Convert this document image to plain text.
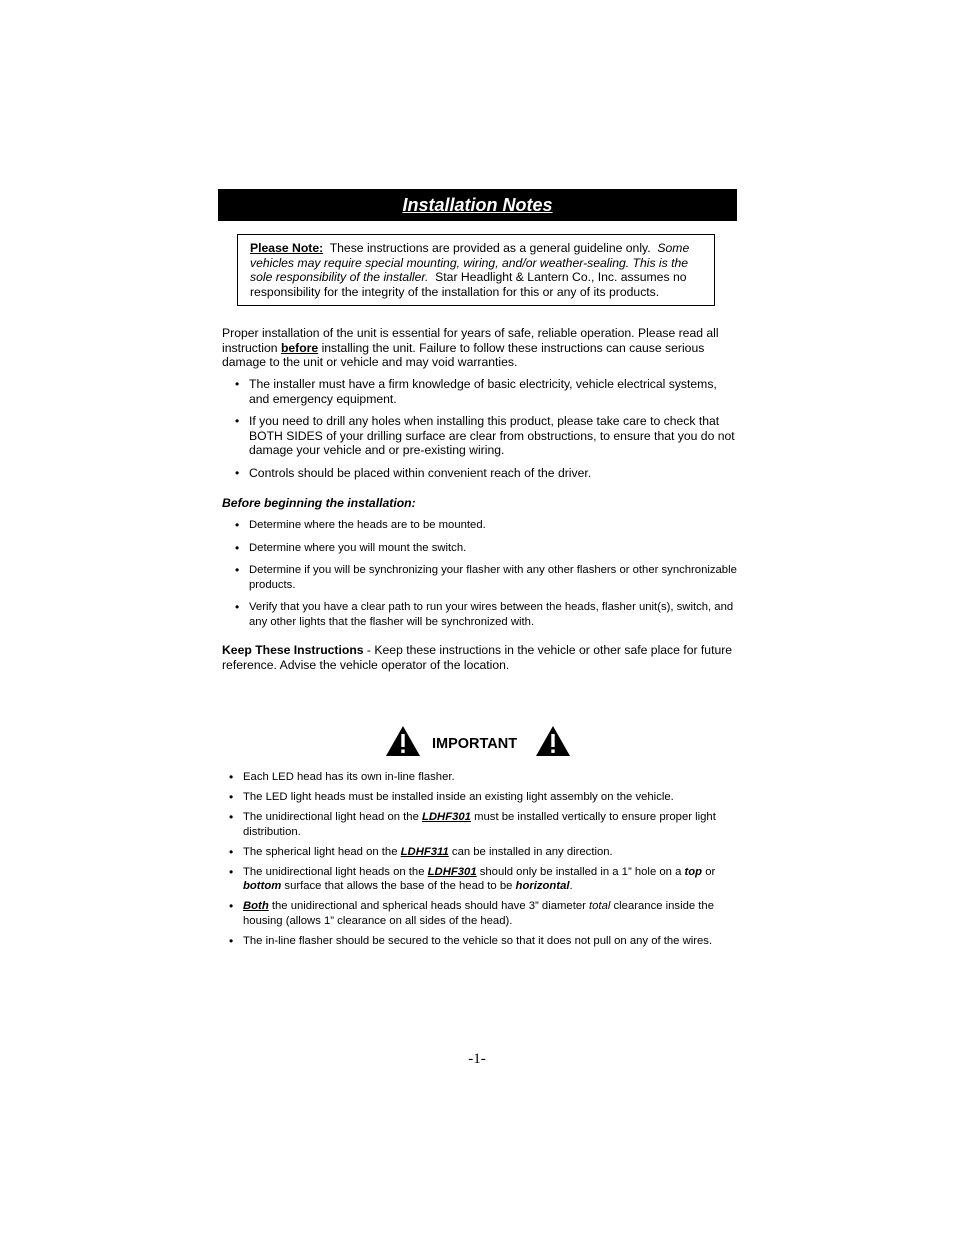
Installation Notes

Please Note:  These instructions are provided as a general guideline only.  Some vehicles may require special mounting, wiring, and/or weather-sealing. This is the sole responsibility of the installer.  Star Headlight & Lantern Co., Inc. assumes no responsibility for the integrity of the installation for this or any of its products.

Proper installation of the unit is essential for years of safe, reliable operation. Please read all instruction before installing the unit. Failure to follow these instructions can cause serious damage to the unit or vehicle and may void warranties.

• The installer must have a firm knowledge of basic electricity, vehicle electrical systems, and emergency equipment.
• If you need to drill any holes when installing this product, please take care to check that BOTH SIDES of your drilling surface are clear from obstructions, to ensure that you do not damage your vehicle and or pre-existing wiring.
• Controls should be placed within convenient reach of the driver.

Before beginning the installation:

• Determine where the heads are to be mounted.
• Determine where you will mount the switch.
• Determine if you will be synchronizing your flasher with any other flashers or other synchronizable products.
• Verify that you have a clear path to run your wires between the heads, flasher unit(s), switch, and any other lights that the flasher will be synchronized with.

Keep These Instructions - Keep these instructions in the vehicle or other safe place for future reference. Advise the vehicle operator of the location.

IMPORTANT
• Each LED head has its own in-line flasher.
• The LED light heads must be installed inside an existing light assembly on the vehicle.
• The unidirectional light head on the LDHF301 must be installed vertically to ensure proper light distribution.
• The spherical light head on the LDHF311 can be installed in any direction.
• The unidirectional light heads on the LDHF301 should only be installed in a 1” hole on a top or bottom surface that allows the base of the head to be horizontal.
• Both the unidirectional and spherical heads should have 3” diameter total clearance inside the housing (allows 1” clearance on all sides of the head).
• The in-line flasher should be secured to the vehicle so that it does not pull on any of the wires.
-1-
